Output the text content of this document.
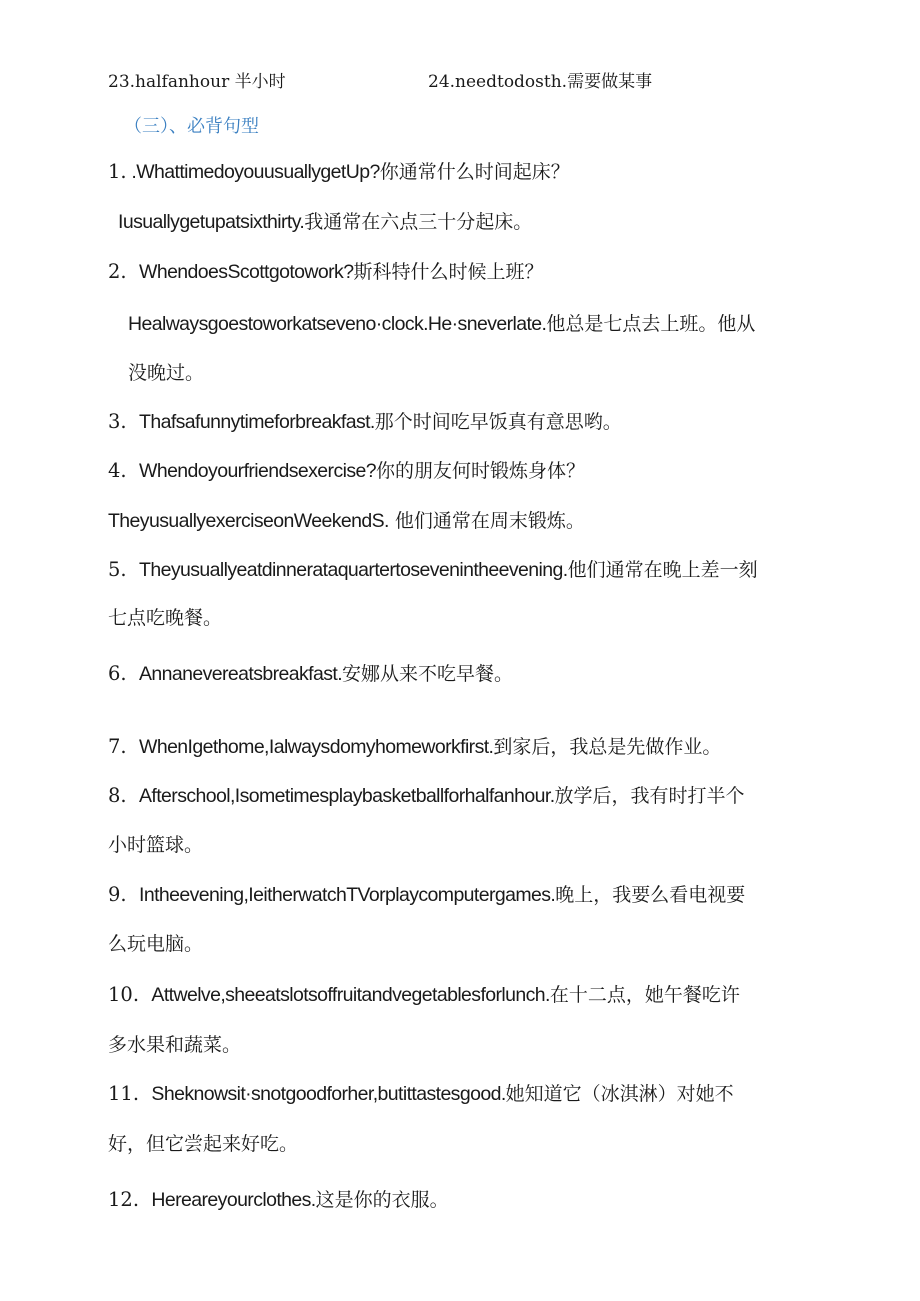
23.halfanhour 半小时	24.needtodosth.需要做某事
（三）、必背句型
1. .WhattimedoyouusuallygetUp?你通常什么时间起床？
Iusuallygetupatsixthirty.我通常在六点三十分起床。
2. WhendoesScottgotowork?斯科特什么时候上班？
Healwaysgoestoworkatseveno·clock.He·sneverlate.他总是七点去上班。他从
没晚过。
3. Thafsafunnytimeforbreakfast.那个时间吃早饭真有意思哟。
4. Whendoyourfriendsexercise?你的朋友何时锻炼身体？
TheyusuallyexerciseonWeekendS. 他们通常在周末锻炼。
5. Theyusuallyeatdinnerataquartertosevenintheevening.他们通常在晚上差一刻
七点吃晚餐。
6. Annanevereatsbreakfast.安娜从来不吃早餐。
7. WhenIgethome,Ialwaysdomyhomeworkfirst.到家后，我总是先做作业。
8. Afterschool,Isometimesplaybasketballforhalfanhour.放学后，我有时打半个
小时篮球。
9. Intheevening,IeitherwatchTVorplaycomputergames.晚上，我要么看电视要
么玩电脑。
10. Attwelve,sheeatslotsoffruitandvegetablesforlunch.在十二点，她午餐吃许
多水果和蔬菜。
11. Sheknowsit·snotgoodforher,butittastesgood.她知道它（冰淇淋）对她不
好，但它尝起来好吃。
12. Hereareyourclothes.这是你的衣服。
